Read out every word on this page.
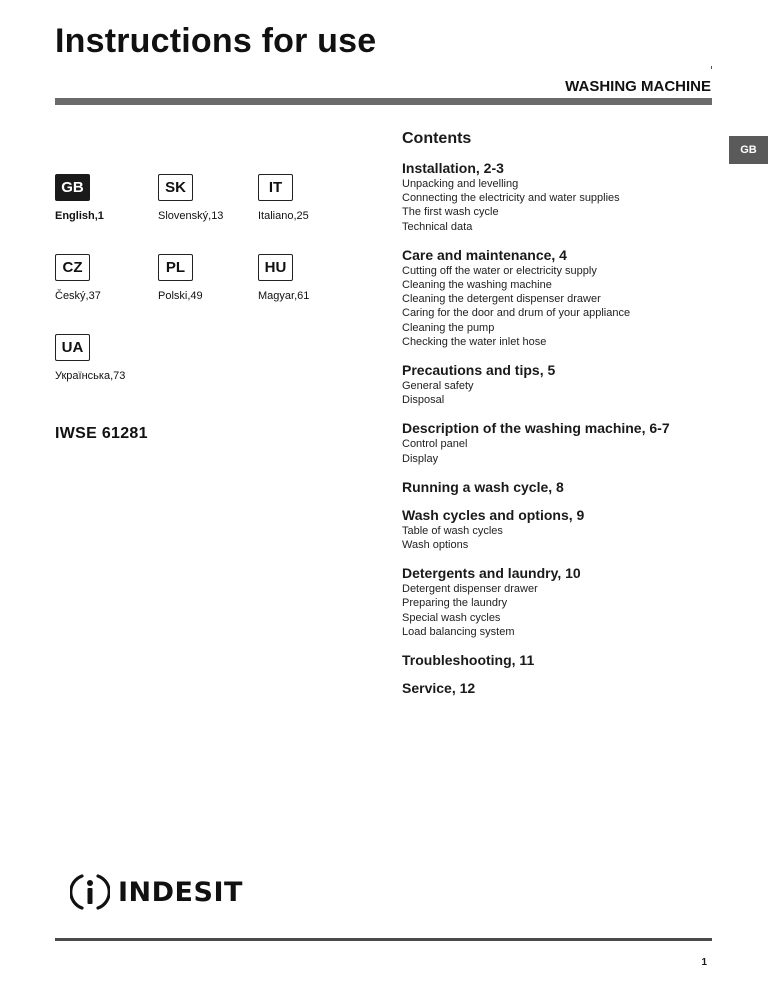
Instructions for use
WASHING MACHINE
GB
GB
English,1
SK
Slovenský,13
IT
Italiano,25
CZ
Český,37
PL
Polski,49
HU
Magyar,61
UA
Українська,73
IWSE 61281
Contents

Installation, 2-3

Unpacking and levelling

Connecting the electricity and water supplies

The first wash cycle

Technical data

Care and maintenance, 4

Cutting off the water or electricity supply

Cleaning the washing machine

Cleaning the detergent dispenser drawer

Caring for the door and drum of your appliance

Cleaning the pump

Checking the water inlet hose

Precautions and tips, 5

General safety

Disposal

Description of the washing machine, 6-7

Control panel

Display

Running a wash cycle, 8

Wash cycles and options, 9

Table of wash cycles

Wash options

Detergents and laundry, 10

Detergent dispenser drawer

Preparing the laundry

Special wash cycles

Load balancing system

Troubleshooting, 11

Service, 12

INDESIT
1
